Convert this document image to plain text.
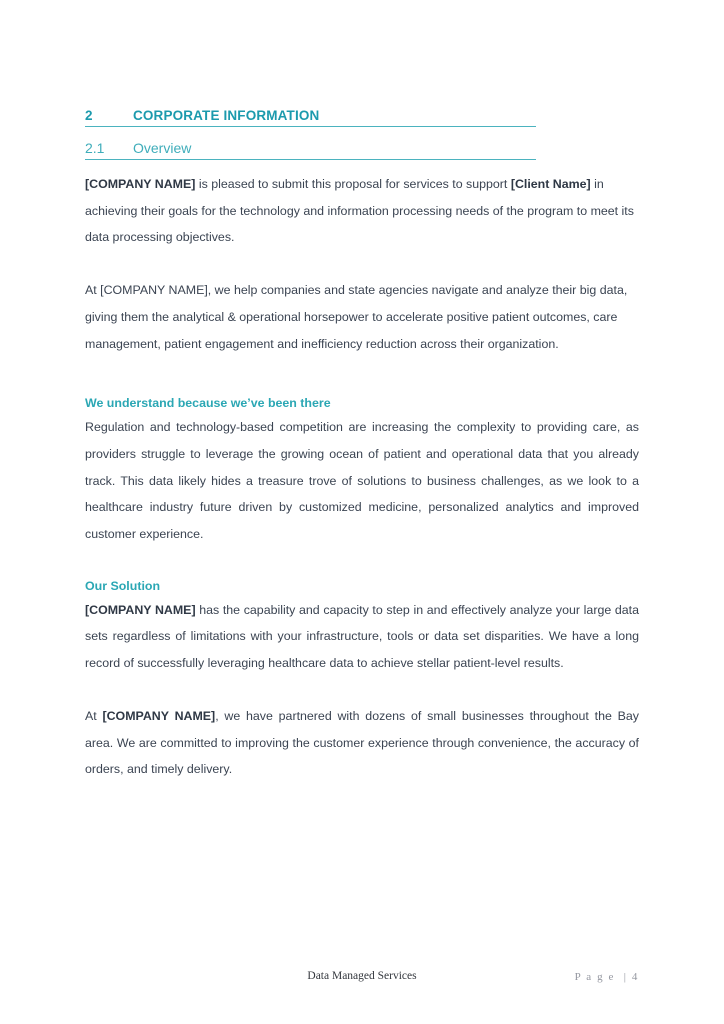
2	CORPORATE INFORMATION
2.1	Overview

[COMPANY NAME] is pleased to submit this proposal for services to support [Client Name] in achieving their goals for the technology and information processing needs of the program to meet its data processing objectives.

At [COMPANY NAME], we help companies and state agencies navigate and analyze their big data, giving them the analytical & operational horsepower to accelerate positive patient outcomes, care management, patient engagement and inefficiency reduction across their organization.

We understand because we’ve been there

Regulation and technology-based competition are increasing the complexity to providing care, as providers struggle to leverage the growing ocean of patient and operational data that you already track. This data likely hides a treasure trove of solutions to business challenges, as we look to a healthcare industry future driven by customized medicine, personalized analytics and improved customer experience.

Our Solution

[COMPANY NAME] has the capability and capacity to step in and effectively analyze your large data sets regardless of limitations with your infrastructure, tools or data set disparities. We have a long record of successfully leveraging healthcare data to achieve stellar patient-level results.

At [COMPANY NAME], we have partnered with dozens of small businesses throughout the Bay area. We are committed to improving the customer experience through convenience, the accuracy of orders, and timely delivery.

Data Managed Services	P a g e  | 4
